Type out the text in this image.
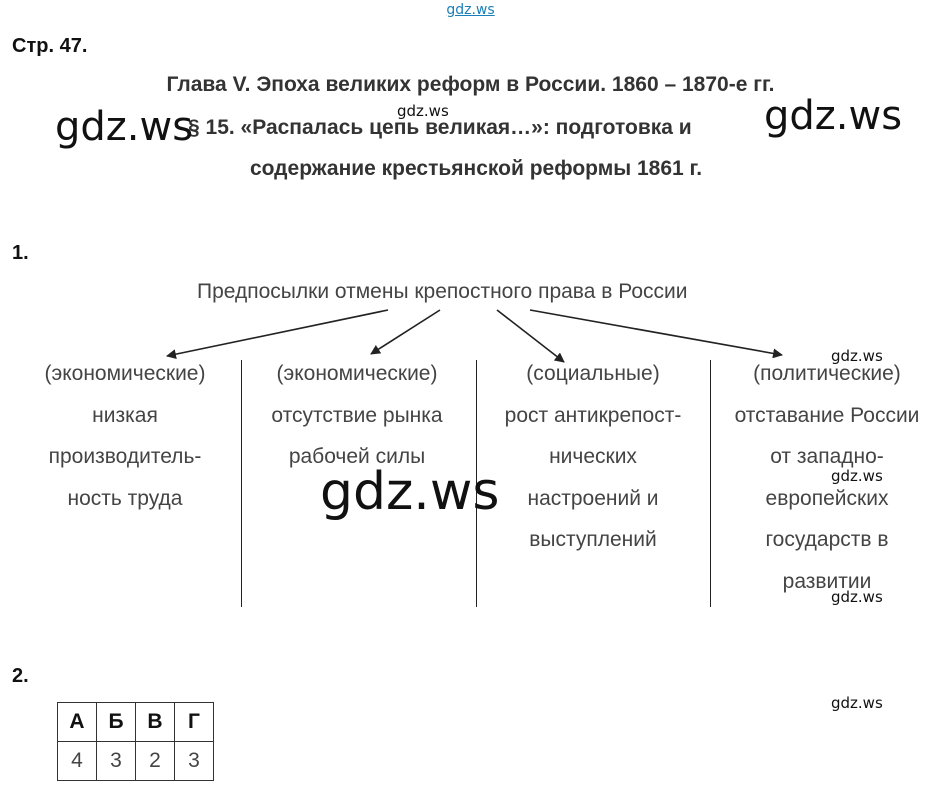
gdz.ws
Стр. 47.
Глава V. Эпоха великих реформ в России. 1860 – 1870-е гг.
§ 15. «Распалась цепь великая…»: подготовка и
содержание крестьянской реформы 1861 г.
1.
Предпосылки отмены крепостного права в России
(экономические)
низкая
производитель-
ность труда
(экономические)
отсутствие рынка
рабочей силы
(социальные)
рост антикрепост-
нических
настроений и
выступлений
(политические)
отставание России
от западно-
европейских
государств в
развитии
2.
А	Б	В	Г
4	3	2	3
gdz.ws	gdz.ws
gdz.ws
gdz.ws
gdz.ws
gdz.ws
gdz.ws
gdz.ws
